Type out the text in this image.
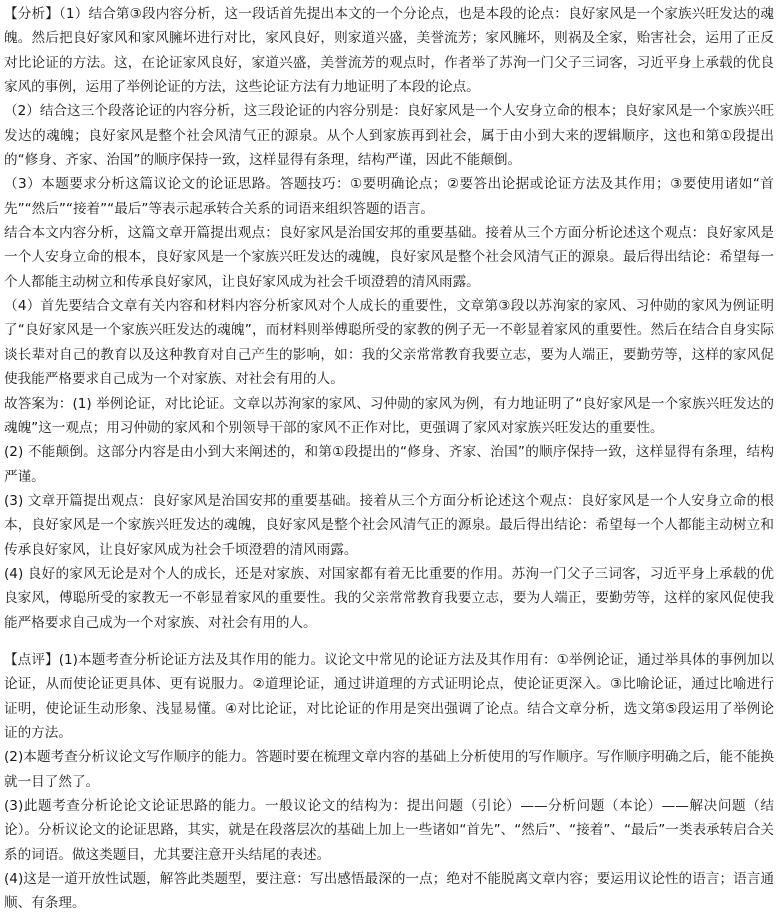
【分析】（1）结合第③段内容分析，这一段话首先提出本文的一个分论点，也是本段的论点：良好家风是一个家族兴旺发达的魂魄。然后把良好家风和家风臃坏进行对比，家风良好，则家道兴盛，美誉流芳；家风臃坏，则祸及全家，贻害社会，运用了正反对比论证的方法。这，在论证家风良好，家道兴盛，美誉流芳的观点时，作者举了苏洵一门父子三词客，习近平身上承载的优良家风的事例，运用了举例论证的方法，这些论证方法有力地证明了本段的论点。

（2）结合这三个段落论证的内容分析，这三段论证的内容分别是：良好家风是一个人安身立命的根本；良好家风是一个家族兴旺发达的魂魄；良好家风是整个社会风清气正的源泉。从个人到家族再到社会，属于由小到大来的逻辑顺序，这也和第①段提出的“修身、齐家、治国”的顺序保持一致，这样显得有条理，结构严谨，因此不能颠倒。

（3）本题要求分析这篇议论文的论证思路。答题技巧：①要明确论点；②要答出论据或论证方法及其作用；③要使用诸如“首先”“然后”“接着”“最后”等表示起承转合关系的词语来组织答题的语言。

结合本文内容分析，这篇文章开篇提出观点：良好家风是治国安邦的重要基础。接着从三个方面分析论述这个观点：良好家风是一个人安身立命的根本，良好家风是一个家族兴旺发达的魂魄，良好家风是整个社会风清气正的源泉。最后得出结论：希望每一个人都能主动树立和传承良好家风，让良好家风成为社会千顷澄碧的清风雨露。

（4）首先要结合文章有关内容和材料内容分析家风对个人成长的重要性，文章第③段以苏洵家的家风、习仲勋的家风为例证明了“良好家风是一个家族兴旺发达的魂魄”，而材料则举傅聪所受的家教的例子无一不彰显着家风的重要性。然后在结合自身实际谈长辈对自己的教育以及这种教育对自己产生的影响，如：我的父亲常常教育我要立志，要为人端正，要勤劳等，这样的家风促使我能严格要求自己成为一个对家族、对社会有用的人。

故答案为：(1) 举例论证，对比论证。文章以苏洵家的家风、习仲勋的家风为例，有力地证明了“良好家风是一个家族兴旺发达的魂魄”这一观点；用习仲勋的家风和个别领导干部的家风不正作对比，更强调了家风对家族兴旺发达的重要性。

(2) 不能颠倒。这部分内容是由小到大来阐述的，和第①段提出的“修身、齐家、治国”的顺序保持一致，这样显得有条理，结构严谨。

(3) 文章开篇提出观点：良好家风是治国安邦的重要基础。接着从三个方面分析论述这个观点：良好家风是一个人安身立命的根本，良好家风是一个家族兴旺发达的魂魄，良好家风是整个社会风清气正的源泉。最后得出结论：希望每一个人都能主动树立和传承良好家风，让良好家风成为社会千顷澄碧的清风雨露。

(4) 良好的家风无论是对个人的成长，还是对家族、对国家都有着无比重要的作用。苏洵一门父子三词客，习近平身上承载的优良家风，傅聪所受的家教无一不彰显着家风的重要性。我的父亲常常教育我要立志，要为人端正，要勤劳等，这样的家风促使我能严格要求自己成为一个对家族、对社会有用的人。

【点评】(1)本题考查分析论证方法及其作用的能力。议论文中常见的论证方法及其作用有：①举例论证，通过举具体的事例加以论证，从而使论证更具体、更有说服力。②道理论证，通过讲道理的方式证明论点，使论证更深入。③比喻论证，通过比喻进行证明，使论证生动形象、浅显易懂。④对比论证，对比论证的作用是突出强调了论点。结合文章分析，选文第⑤段运用了举例论证的方法。

(2)本题考查分析议论文写作顺序的能力。答题时要在梳理文章内容的基础上分析使用的写作顺序。写作顺序明确之后，能不能换就一目了然了。

(3)此题考查分析论论文论证思路的能力。一般议论文的结构为：提出问题（引论）——分析问题（本论）——解决问题（结论）。分析议论文的论证思路，其实，就是在段落层次的基础上加上一些诸如“首先”、“然后”、“接着”、“最后”一类表承转启合关系的词语。做这类题目，尤其要注意开头结尾的表述。

(4)这是一道开放性试题，解答此类题型，要注意：写出感悟最深的一点；绝对不能脱离文章内容；要运用议论性的语言；语言通顺、有条理。
